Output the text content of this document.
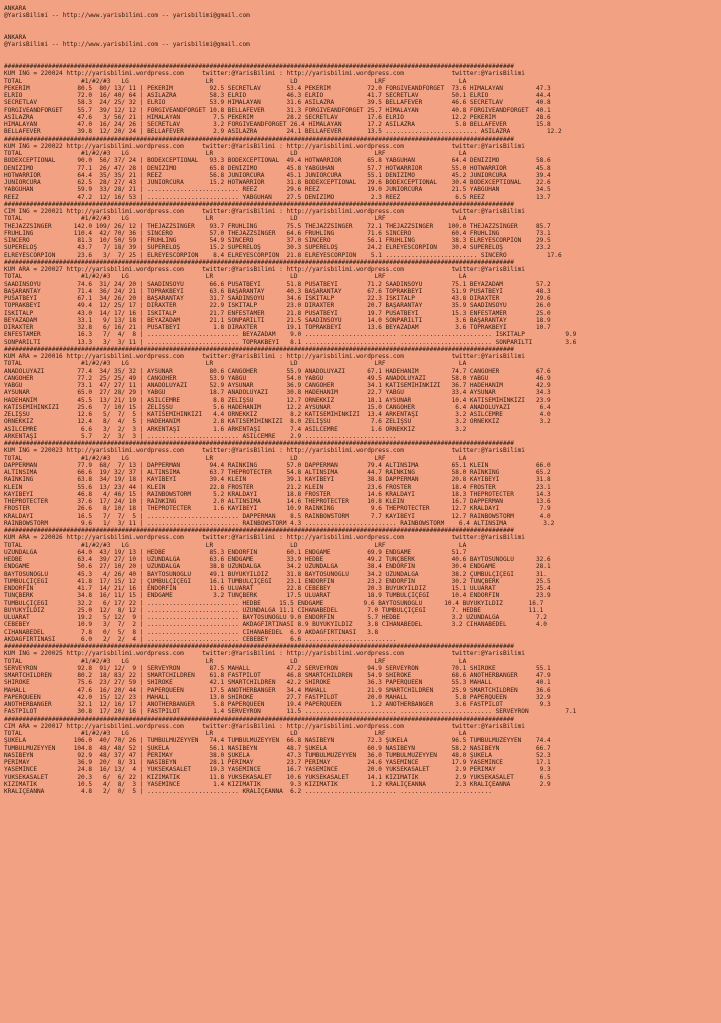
ANKARA
@YarisBilimi -- http://www.yarisbilimi.com -- yarisbilimi@gmail.com

ANKARA
@YarisBilimi -- http://www.yarisbilimi.com -- yarisbilimi@gmail.com

###########################################################################################################################################
KUM ING = 220024 http://yarisbilimi.wordpress.com     twitter:@YarisBilimi : http://yarisbilimi.wordpress.com             twitter:@YarisBilimi
TOTAL                #1/#2/#3   LG                     LR                     LD                     LRF                    LA
PEKERİM             80.5  80/ 13/ 11 | PEKERİM          92.5 SECRETLAV       53.4 PEKERİM          72.0 FORGIVEANDFORGET  73.6 HIMALAYAN         47.3
ELRIO               72.0  16/ 40/ 64 | ASİLAZRA         58.3 ELRIO           46.3 ELRIO            41.7 SECRETLAV         50.1 ELRIO             44.4
SECRETLAV           58.3  24/ 25/ 32 | ELRIO            53.9 HIMALAYAN       31.6 ASİLAZRA         39.5 BELLAFEVER        46.6 SECRETLAV         40.8
FORGIVEANDFORGET    55.7  39/ 12/ 12 | FORGIVEANDFORGET 10.8 BELLAFEVER      31.3 FORGIVEANDFORGET 25.7 HIMALAYAN         40.8 FORGIVEANDFORGET  40.1
ASİLAZRA            47.6   3/ 56/ 21 | HIMALAYAN         7.5 PEKERİM         28.2 SECRETLAV        17.6 ELRIO             12.2 PEKERİM           28.6
HIMALAYAN           47.0  16/ 24/ 26 | SECRETLAV         3.2 FORGIVEANDFORGET 26.4 HIMALAYAN       17.2 ASİLAZRA           5.8 BELLAFEVER        15.8
BELLAFEVER          39.8  12/ 20/ 24 | BELLAFEVER        2.9 ASİLAZRA        24.1 BELLAFEVER       13.5 ......................... ASİLAZRA          12.2
###########################################################################################################################################
KUM ING = 220022 http://yarisbilimi.wordpress.com     twitter:@YarisBilimi : http://yarisbilimi.wordpress.com             twitter:@YarisBilimi
TOTAL                #1/#2/#3   LG                     LR                     LD                     LRF                    LA
BODEXCEPTIONAL      90.0  56/ 37/ 24 | BODEXCEPTIONAL   93.3 BODEXCEPTIONAL  49.4 HOTWARRIOR       65.8 YABGUHAN          64.4 DENİZİMO          58.6
DENİZİMO            77.1  26/ 47/ 28 | DENİZİMO         65.8 DENİZİMO        45.8 YABGUHAN         57.7 HOTWARRIOR        55.0 HOTWARRIOR        45.8
HOTWARRIOR          64.4  35/ 35/ 21 | REEZ             56.8 JUNIORCURA      45.1 JUNIORCURA       55.1 DENİZİMO          45.2 JUNIORCURA        39.4
JUNIORCURA          62.5  28/ 27/ 43 | JUNIORCURA       15.2 HOTWARRIOR      31.8 BODEXCEPTIONAL   29.6 BODEXCEPTIONAL    30.4 BODEXCEPTIONAL    22.6
YABGUHAN            59.9  33/ 28/ 21 | ......................... REEZ        29.6 REEZ             19.0 JUNIORCURA        21.5 YABGUHAN          34.5
REEZ                47.2  12/ 16/ 53 | ......................... YABGUHAN    27.5 DENİZİMO          2.3 REEZ               6.5 REEZ              13.7
###########################################################################################################################################
CIM ING = 220021 http://yarisbilimi.wordpress.com     twitter:@YarisBilimi : http://yarisbilimi.wordpress.com             twitter:@YarisBilimi
TOTAL                #1/#2/#3   LG                     LR                     LD                     LRF                    LA
THEJAZZSINGER      142.0 109/ 26/ 12 | THEJAZZSINGER    93.7 FRÜHLING        75.5 THEJAZZSINGER    72.1 THEJAZZSINGER    100.0 THEJAZZSINGER     85.7
FRÜHLING           110.4  42/ 70/ 36 | SINCERO          57.0 THEJAZZSINGER   64.6 FRÜHLING         71.6 SINCERO           60.4 FRÜHLING          73.1
SINCERO             81.3  10/ 50/ 59 | FRÜHLING         54.9 SINCERO         37.0 SINCERO          56.1 FRÜHLING          38.3 ELREYESCORPİON    29.5
SÜPERELOŞ           43.7   7/ 18/ 39 | SÜPERELOŞ        15.2 SÜPERELOŞ       30.3 SÜPERELOŞ        24.2 ELREYESCORPİON    30.4 SÜPERELOŞ         23.2
ELREYESCORPİON      23.6   3/  7/ 25 | ELREYESCORPİON    8.4 ELREYESCORPİON  21.8 ELREYESCORPİON    5.1 ......................... SINCERO           17.6
###########################################################################################################################################
KUM ARA = 220027 http://yarisbilimi.wordpress.com     twitter:@YarisBilimi : http://yarisbilimi.wordpress.com             twitter:@YarisBilimi
TOTAL                #1/#2/#3   LG                     LR                     LD                     LRF                    LA
SAADINSOYU          74.6  31/ 24/ 20 | SAADINSOYU       66.6 PUSATBEYİ       51.8 PUSATBEYİ        71.2 SAADINSOYU        75.1 BEYAZADAM         57.2
BAŞARANTAY          71.4  36/ 24/ 21 | TOPRAKBEYİ       63.6 BAŞARANTAY      40.3 BAŞARANTAY       67.6 TOPRAKBEYİ        51.9 PUSATBEYİ         48.3
PUSATBEYİ           67.1  34/ 26/ 20 | BAŞARANTAY       31.7 SAADINSOYU      34.6 İSKİTALP         22.3 İSKİTALP          43.8 DIRAXTER          29.6
TOPRAKBEYİ          49.4  12/ 25/ 17 | DIRAXTER         22.9 İSKİTALP        23.0 DIRAXTER         20.7 BAŞARANTAY        35.9 SAADINSOYU        26.0
İSKİTALP            43.0  14/ 17/ 16 | İSKİTALP         21.7 ENFESTAMER      21.8 PUSATBEYİ        19.7 PUSATBEYİ         15.3 ENFESTAMER        25.0
BEYAZADAM           33.1   9/ 13/ 18 | BEYAZADAM        21.1 SONPARILTI      21.5 SAADINSOYU       14.0 SONPARILTI         3.6 BAŞARANTAY        18.9
DIRAXTER            32.8   6/ 16/ 21 | PUSATBEYİ         1.8 DIRAXTER        19.1 TOPRAKBEYİ       13.6 BEYAZADAM          3.6 TOPRAKBEYİ        10.7
ENFESTAMER          16.3   7/  4/  8 | ......................... BEYAZADAM    9.0 ......................... ......................... İSKİTALP           9.9
SONPARILTI          13.3   3/  3/ 11 | ......................... TOPRAKBEYİ   8.1 ......................... ......................... SONPARILTI         3.6
###########################################################################################################################################
KUM ARA = 220016 http://yarisbilimi.wordpress.com     twitter:@YarisBilimi : http://yarisbilimi.wordpress.com             twitter:@YarisBilimi
TOTAL                #1/#2/#3   LG                     LR                     LD                     LRF                    LA
ANADOLUYAZI         77.4  34/ 35/ 32 | AYSUNAR          80.6 CANGÖHER        55.9 ANADOLUYAZI      67.1 HADEHANIM         74.7 CANGÖHER          67.6
CANGÖHER            77.2  25/ 25/ 49 | CANGÖHER         53.9 YABGU           54.0 YABGU            49.5 ANADOLUYAZI       58.0 YABGU             46.9
YABGU               73.1  47/ 27/ 11 | ANADOLUYAZI      52.9 AYSUNAR         36.9 CANGÖHER         34.1 KATISEMİHİNKİZİ   36.7 HADEHANIM         42.9
AYSUNAR             65.0  27/ 28/ 29 | YABGU            18.7 ANADOLUYAZI     30.8 HADEHANIM        22.7 YABGU             33.4 AYSUNAR           34.3
HADEHANIM           45.5  13/ 21/ 19 | ASİLCEMRE         8.8 ZELİŞSU         12.7 ÖRNEKKIZ         18.1 AYSUNAR           10.4 KATISEMİHİNKİZİ   23.9
KATISEMİHİNKİZİ     25.6   7/ 10/ 15 | ZELİŞSU           5.6 HADEHANIM       12.2 AYSUNAR          15.0 CANGÖHER           6.4 ANADOLUYAZI        6.4
ZELİŞSU             12.6   5/  7/  5 | KATISEMİHİNKİZİ   4.4 ÖRNEKKIZ         8.2 KATISEMİHİNKİZİ  13.4 ARKENTAŞI          3.2 ASİLCEMRE          4.0
ÖRNEKKIZ            12.4   8/  4/  5 | HADEHANIM         2.8 KATISEMİHİNKİZİ  8.0 ZELİŞSU           7.6 ZELİŞSU            3.2 ÖRNEKKIZ           3.2
ASİLCEMRE            6.6   3/  2/  3 | ARKENTAŞI         1.6 ARKENTAŞI        7.4 ASİLCEMRE         1.6 ÖRNEKKIZ           3.2
ARKENTAŞI            5.7   2/  3/  3 | ......................... ASİLCEMRE    2.9 .........................
###########################################################################################################################################
KUM ING = 220023 http://yarisbilimi.wordpress.com     twitter:@YarisBilimi : http://yarisbilimi.wordpress.com             twitter:@YarisBilimi
TOTAL                #1/#2/#3   LG                     LR                     LD                     LRF                    LA
DAPPERMAN           77.9  68/  7/ 13 | DAPPERMAN        94.4 RAINKING        57.0 DAPPERMAN        79.4 ALTINSIMA         65.1 KLEIN             66.0
ALTINSIMA           66.6  19/ 32/ 37 | ALTINSIMA        63.7 THEPROTECTER    54.8 ALTINSIMA        44.7 RAINKING          58.0 RAINKING          65.2
RAINKING            63.8  34/ 19/ 18 | KAYIBEYİ         39.4 KLEIN           39.1 KAYIBEYİ         38.8 DAPPERMAN         20.8 KAYIBEYİ          31.8
KLEIN               55.6  13/ 23/ 44 | KLEIN            22.8 FROSTER         21.2 KLEIN            23.6 FROSTER           18.4 FROSTER           23.1
KAYIBEYİ            46.8   4/ 46/ 15 | RAINBOWSTORM      5.2 KRALDAYI        18.8 FROSTER          14.6 KRALDAYI          18.3 THEPROTECTER      14.3
THEPROTECTER        37.6  17/ 24/ 10 | RAINKING          2.0 ALTINSIMA       14.6 THEPROTECTER     10.8 KLEIN             16.7 DAPPERMAN         13.6
FROSTER             26.6   8/ 10/ 18 | THEPROTECTER      1.6 KAYIBEYİ        10.9 RAINKING          9.6 THEPROTECTER      12.7 KRALDAYI           7.9
KRALDAYI            16.5   7/  7/  5 | ......................... DAPPERMAN    8.5 RAINBOWSTORM      7.7 KAYIBEYİ          12.7 RAINBOWSTORM       4.0
RAINBOWSTORM         9.6   1/  3/ 11 | ......................... RAINBOWSTORM 4.3 ......................... RAINBOWSTORM    6.4 ALTINSIMA          3.2
###########################################################################################################################################
KUM ARA = 220026 http://yarisbilimi.wordpress.com     twitter:@YarisBilimi : http://yarisbilimi.wordpress.com             twitter:@YarisBilimi
TOTAL                #1/#2/#3   LG                     LR                     LD                     LRF                    LA
UZUNDALGA           64.0  43/ 19/ 13 | HEDBE            85.3 ENDORFIN        60.1 ENDGAME          69.9 ENDGAME           51.7
HEDBE               63.4  39/ 27/ 10 | UZUNDALGA        63.6 ENDGAME         33.9 HEDBE            49.2 TUNÇBERK          40.6 BAYTOSUNOĞLU      32.6
ENDGAME             50.6  27/ 10/ 20 | UZUNDALGA        38.8 UZUNDALGA       34.2 UZUNDALGA        38.4 ENDORFIN          30.4 ENDGAME           28.1
BAYTOSUNOĞLU        45.3   4/ 26/ 40 | BAYTOSUNOĞLU     49.1 BÜYÜKYILDIZ     31.8 BAYTOSUNOĞLU     34.2 UZUNDALGA         38.2 ÇUMBULÇİÇEĞİ      31.
TUMBULÇİÇEĞİ        41.8  17/ 15/ 12 | ÇUMBULÇİÇEĞİ     16.1 TUMBULÇİÇEĞİ    23.1 ENDORFIN         23.2 ENDORFIN          30.2 TUNÇBERK          25.5
ENDORFIN            41.7  14/ 21/ 16 | ENDORFIN         11.6 ULUARAT         22.8 CEBEBEY          20.3 BÜYÜKYILDIZ       15.1 ULUARAT           25.4
TUNÇBERK            34.8  16/ 11/ 15 | ENDGAME           3.2 TUNÇBERK        17.5 ULUARAT          18.9 TUMBULÇİÇEĞİ      10.4 ENDORFIN          23.9
TUMBULÇİÇEĞİ        32.2   6/ 17/ 22 | ......................... HEDBE     15.5 ENDGAME           9.6 BAYTOSUNOĞLU      10.4 BÜYÜKYILDIZ       16.7
BÜYÜKYILDIZ         25.0  12/  8/ 12 | ......................... UZUNDALGA 11.1 CIHANABEDEL        7.0 TUMBULÇİÇEĞİ       7. HEDBE             11.1
ULUARAT             19.2   5/ 12/  9 | ......................... BAYTOSUNOĞLU 9.0 ENDORFIN         5.7 HEDBE              3.2 UZUNDALGA          7.2
CEBEBEY             10.9   3/  7/  2 | ......................... AKDAĞFIRTINASI 8.9 BÜYÜKYILDIZ    3.8 CIHANABEDEL        3.2 CIHANABEDEL        4.0
CIHANABEDEL          7.8   0/  5/  8 | ......................... CIHANABEDEL  6.9 AKDAĞFIRTINASI   3.8
AKDAĞFIRTINASI       6.0   2/  2/  4 | ......................... CEBEBEY      6.6 .........................
###########################################################################################################################################
KUM ING = 220025 http://yarisbilimi.wordpress.com     twitter:@YarisBilimi : http://yarisbilimi.wordpress.com             twitter:@YarisBilimi
TOTAL                #1/#2/#3   LG                     LR                     LD                     LRF                    LA
SERVEYRON           92.8  91/ 12/  9 | SERVEYRON        87.5 MAHALL          47.2 SERVEYRON        94.9 SERVEYRON         70.1 SHIROKE           55.1
SMARTCHILDREN       80.2  18/ 83/ 22 | SMARTCHILDREN    61.8 FASTPILOT       46.8 SMARTCHILDREN    54.9 SHIROKE           68.6 ANOTHERBANGER     47.9
SHIROKE             75.6  23/ 27/ 59 | SHIROKE          42.1 SMARTCHILDREN   42.2 SHIROKE          36.3 PAPERQUEEN        55.3 MAHALL            40.1
MAHALL              47.6  16/ 20/ 44 | PAPERQUEEN       17.5 ANOTHERBANGER   34.4 MAHALL           21.9 SMARTCHILDREN     25.9 SMARTCHILDREN     36.6
PAPERQUEEN          42.0  15/ 12/ 23 | MAHALL           13.0 SHIROKE         27.7 FASTPILOT        20.0 MAHALL             5.8 PAPERQUEEN        32.9
ANOTHERBANGER       32.1  12/ 16/ 17 | ANOTHERBANGER     5.8 PAPERQUEEN      19.4 PAPERQUEEN        1.2 ANOTHERBANGER      3.6 FASTPILOT          9.3
FASTPILOT           30.8  17/ 20/ 16 | FASTPILOT         1.4 SERVEYRON       11.5 ......................... ......................... SERVEYRON          7.1
###########################################################################################################################################
CIM ARA = 220017 http://yarisbilimi.wordpress.com     twitter:@YarisBilimi : http://yarisbilimi.wordpress.com             twitter:@YarisBilimi
TOTAL                #1/#2/#3   LG                     LR                     LD                     LRF                    LA
ŞUKELA             106.0  40/ 70/ 26 | TUMBULMÜZEYYEN   74.4 TUMBULMÜZEYYEN  66.8 NASIBEYN         72.3 ŞUKELA            96.5 TUMBULMÜZEYYEN    74.4
TUMBULMÜZEYYEN     104.8  48/ 48/ 52 | ŞUKELA           56.1 NASIBEYN        48.7 ŞUKELA           60.9 NASIBEYN          58.2 NASIBEYN          66.7
NASIBEYN            92.9  48/ 37/ 47 | PERIMAY          38.0 ŞUKELA          47.3 TUMBULMÜZEYYEN   36.0 TUMBULMÜZEYYEN    48.0 ŞUKELA            52.3
PERIMAY             36.9  20/  8/ 31 | NASIBEYN         28.1 PERIMAY         23.7 PERIMAY          24.6 YASEMİNCE         17.9 YASEMİNCE         17.1
YASEMİNCE           24.8  16/ 13/  4 | YÜKSEKASALET     19.3 YASEMİNCE       16.7 YASEMİNCE        20.0 YÜKSEKASALET       2.9 PERIMAY            9.3
YÜKSEKASALET        20.3   6/  6/ 22 | KIZIMATİK        11.8 YÜKSEKASALET    10.6 YÜKSEKASALET     14.1 KIZIMATİK          2.9 YÜKSEKASALET       6.5
KIZIMATİK           10.5   4/  8/  3 | YASEMİNCE         1.4 KIZIMATİK        9.3 KIZIMATİK         1.2 KRALİÇEANNA        2.3 KRALİÇEANNA        2.9
KRALİÇEANNA          4.8   2/  0/  5 | ......................... KRALİÇEANNA  6.2 ......................... .........................
